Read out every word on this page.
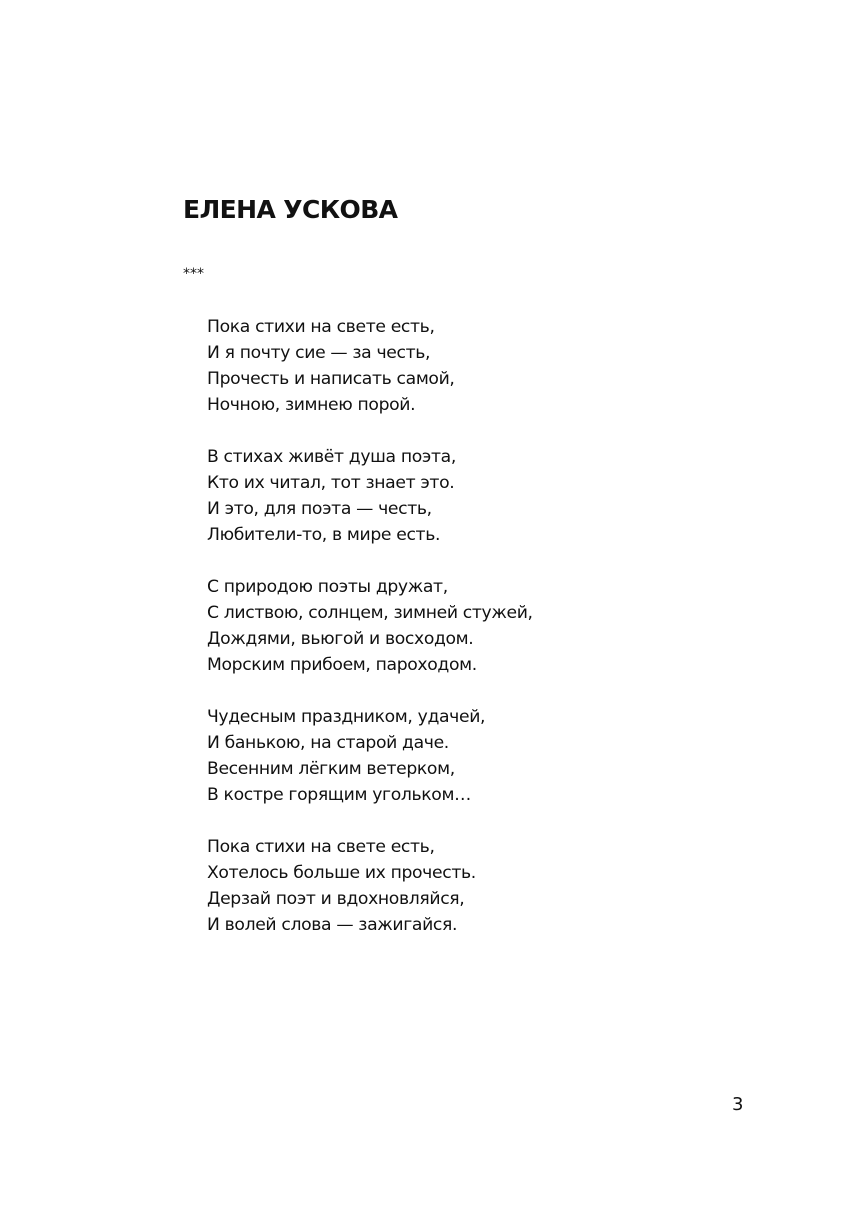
ЕЛЕНА УСКОВА
***
Пока стихи на свете есть,
И я почту сие — за честь,
Прочесть и написать самой,
Ночною, зимнею порой.
В стихах живёт душа поэта,
Кто их читал, тот знает это.
И это, для поэта — честь,
Любители-то, в мире есть.
С природою поэты дружат,
С листвою, солнцем, зимней стужей,
Дождями, вьюгой и восходом.
Морским прибоем, пароходом.
Чудесным праздником, удачей,
И банькою, на старой даче.
Весенним лёгким ветерком,
В костре горящим угольком…
Пока стихи на свете есть,
Хотелось больше их прочесть.
Дерзай поэт и вдохновляйся,
И волей слова — зажигайся.
3
